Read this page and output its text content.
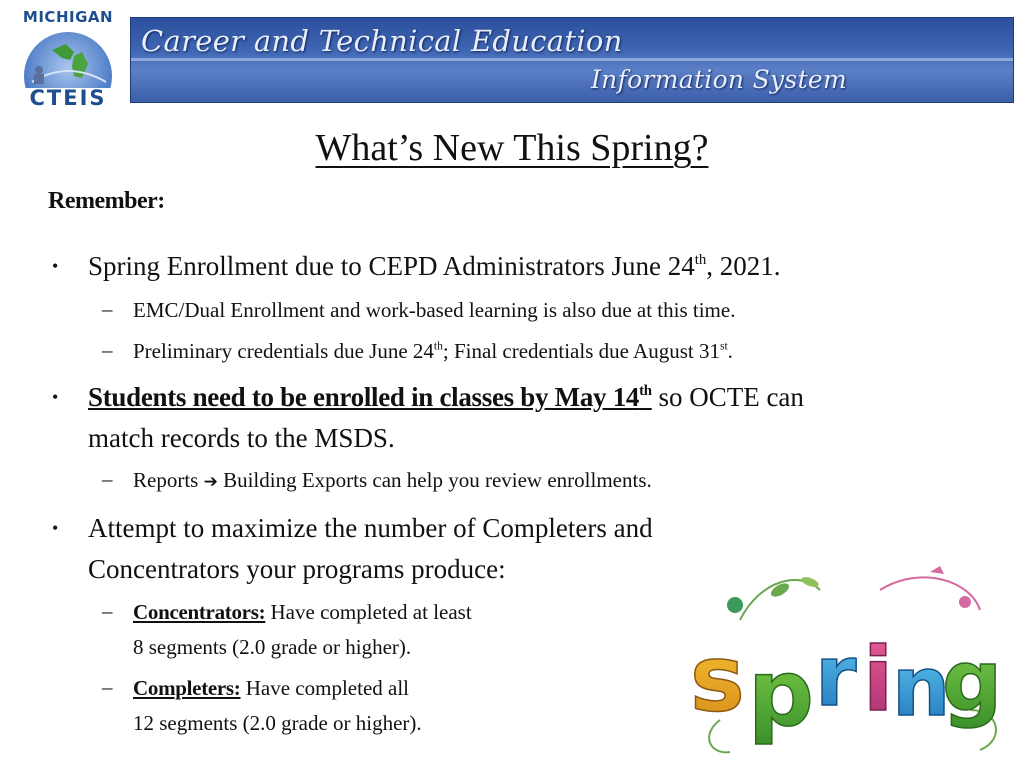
MICHIGAN
CTEIS
Career and Technical Education
Information System
What’s New This Spring?
Remember:
• Spring Enrollment due to CEPD Administrators June 24th, 2021.
– EMC/Dual Enrollment and work-based learning is also due at this time.
– Preliminary credentials due June 24th; Final credentials due August 31st.
• Students need to be enrolled in classes by May 14th so OCTE can
match records to the MSDS.
– Reports ➔ Building Exports can help you review enrollments.
• Attempt to maximize the number of Completers and
Concentrators your programs produce:
– Concentrators: Have completed at least
8 segments (2.0 grade or higher).
– Completers: Have completed all
12 segments (2.0 grade or higher).	s p r i
n
g
